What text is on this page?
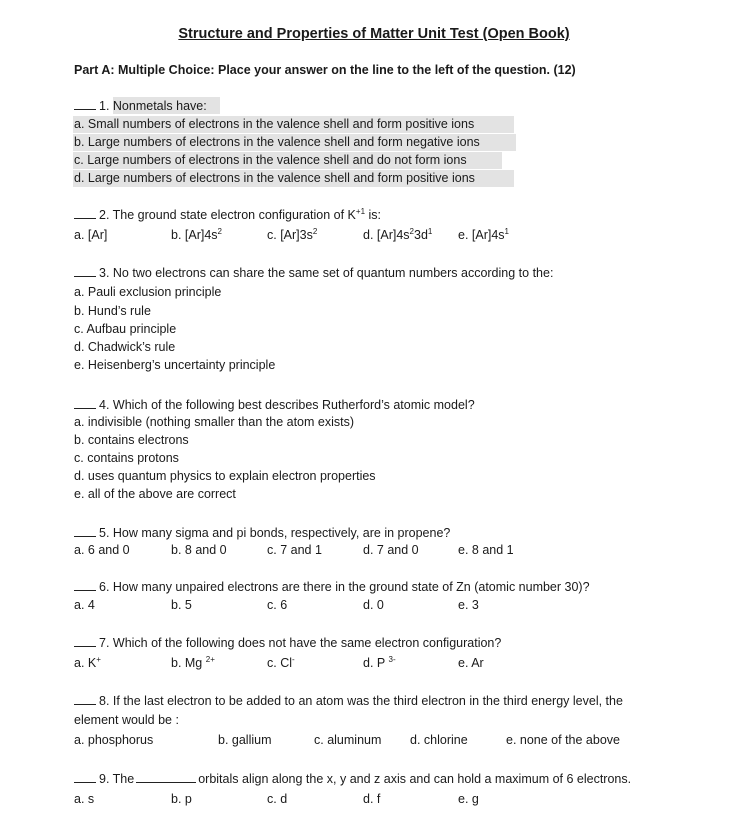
Structure and Properties of Matter Unit Test (Open Book)
Part A: Multiple Choice: Place your answer on the line to the left of the question. (12)
1. Nonmetals have:
a. Small numbers of electrons in the valence shell and form positive ions
b. Large numbers of electrons in the valence shell and form negative ions
c. Large numbers of electrons in the valence shell and do not form ions
d. Large numbers of electrons in the valence shell and form positive ions
2. The ground state electron configuration of $K^{+1}$ is:
a. [Ar]	b. $[Ar]4s^2$	c. $[Ar]3s^2$	d. $[Ar]4s^23d^1$ e. $[Ar]4s^1$
3. No two electrons can share the same set of quantum numbers according to the:
a. Pauli exclusion principle
b. Hund’s rule
c. Aufbau principle
d. Chadwick’s rule
e. Heisenberg’s uncertainty principle
4. Which of the following best describes Rutherford’s atomic model?
a. indivisible (nothing smaller than the atom exists)
b. contains electrons
c. contains protons
d. uses quantum physics to explain electron properties
e. all of the above are correct
5. How many sigma and pi bonds, respectively, are in propene?
a. 6 and 0	b. 8 and 0	c. 7 and 1	d. 7 and 0	e. 8 and 1
6. How many unpaired electrons are there in the ground state of Zn (atomic number 30)?
a. 4	b. 5	c. 6	d. 0	e. 3
7. Which of the following does not have the same electron configuration?
a. K+	b. Mg $^{2+}$	c. Cl-	d. P $^{3-}$	e. Ar
8. If the last electron to be added to an atom was the third electron in the third energy level, the
element would be :
a. phosphorus	b. gallium	c. aluminum d. chlorine	e. none of the above
9. The	orbitals align along the x, y and z axis and can hold a maximum of 6 electrons.
a. s	b. p	c. d	d. f	e. g
